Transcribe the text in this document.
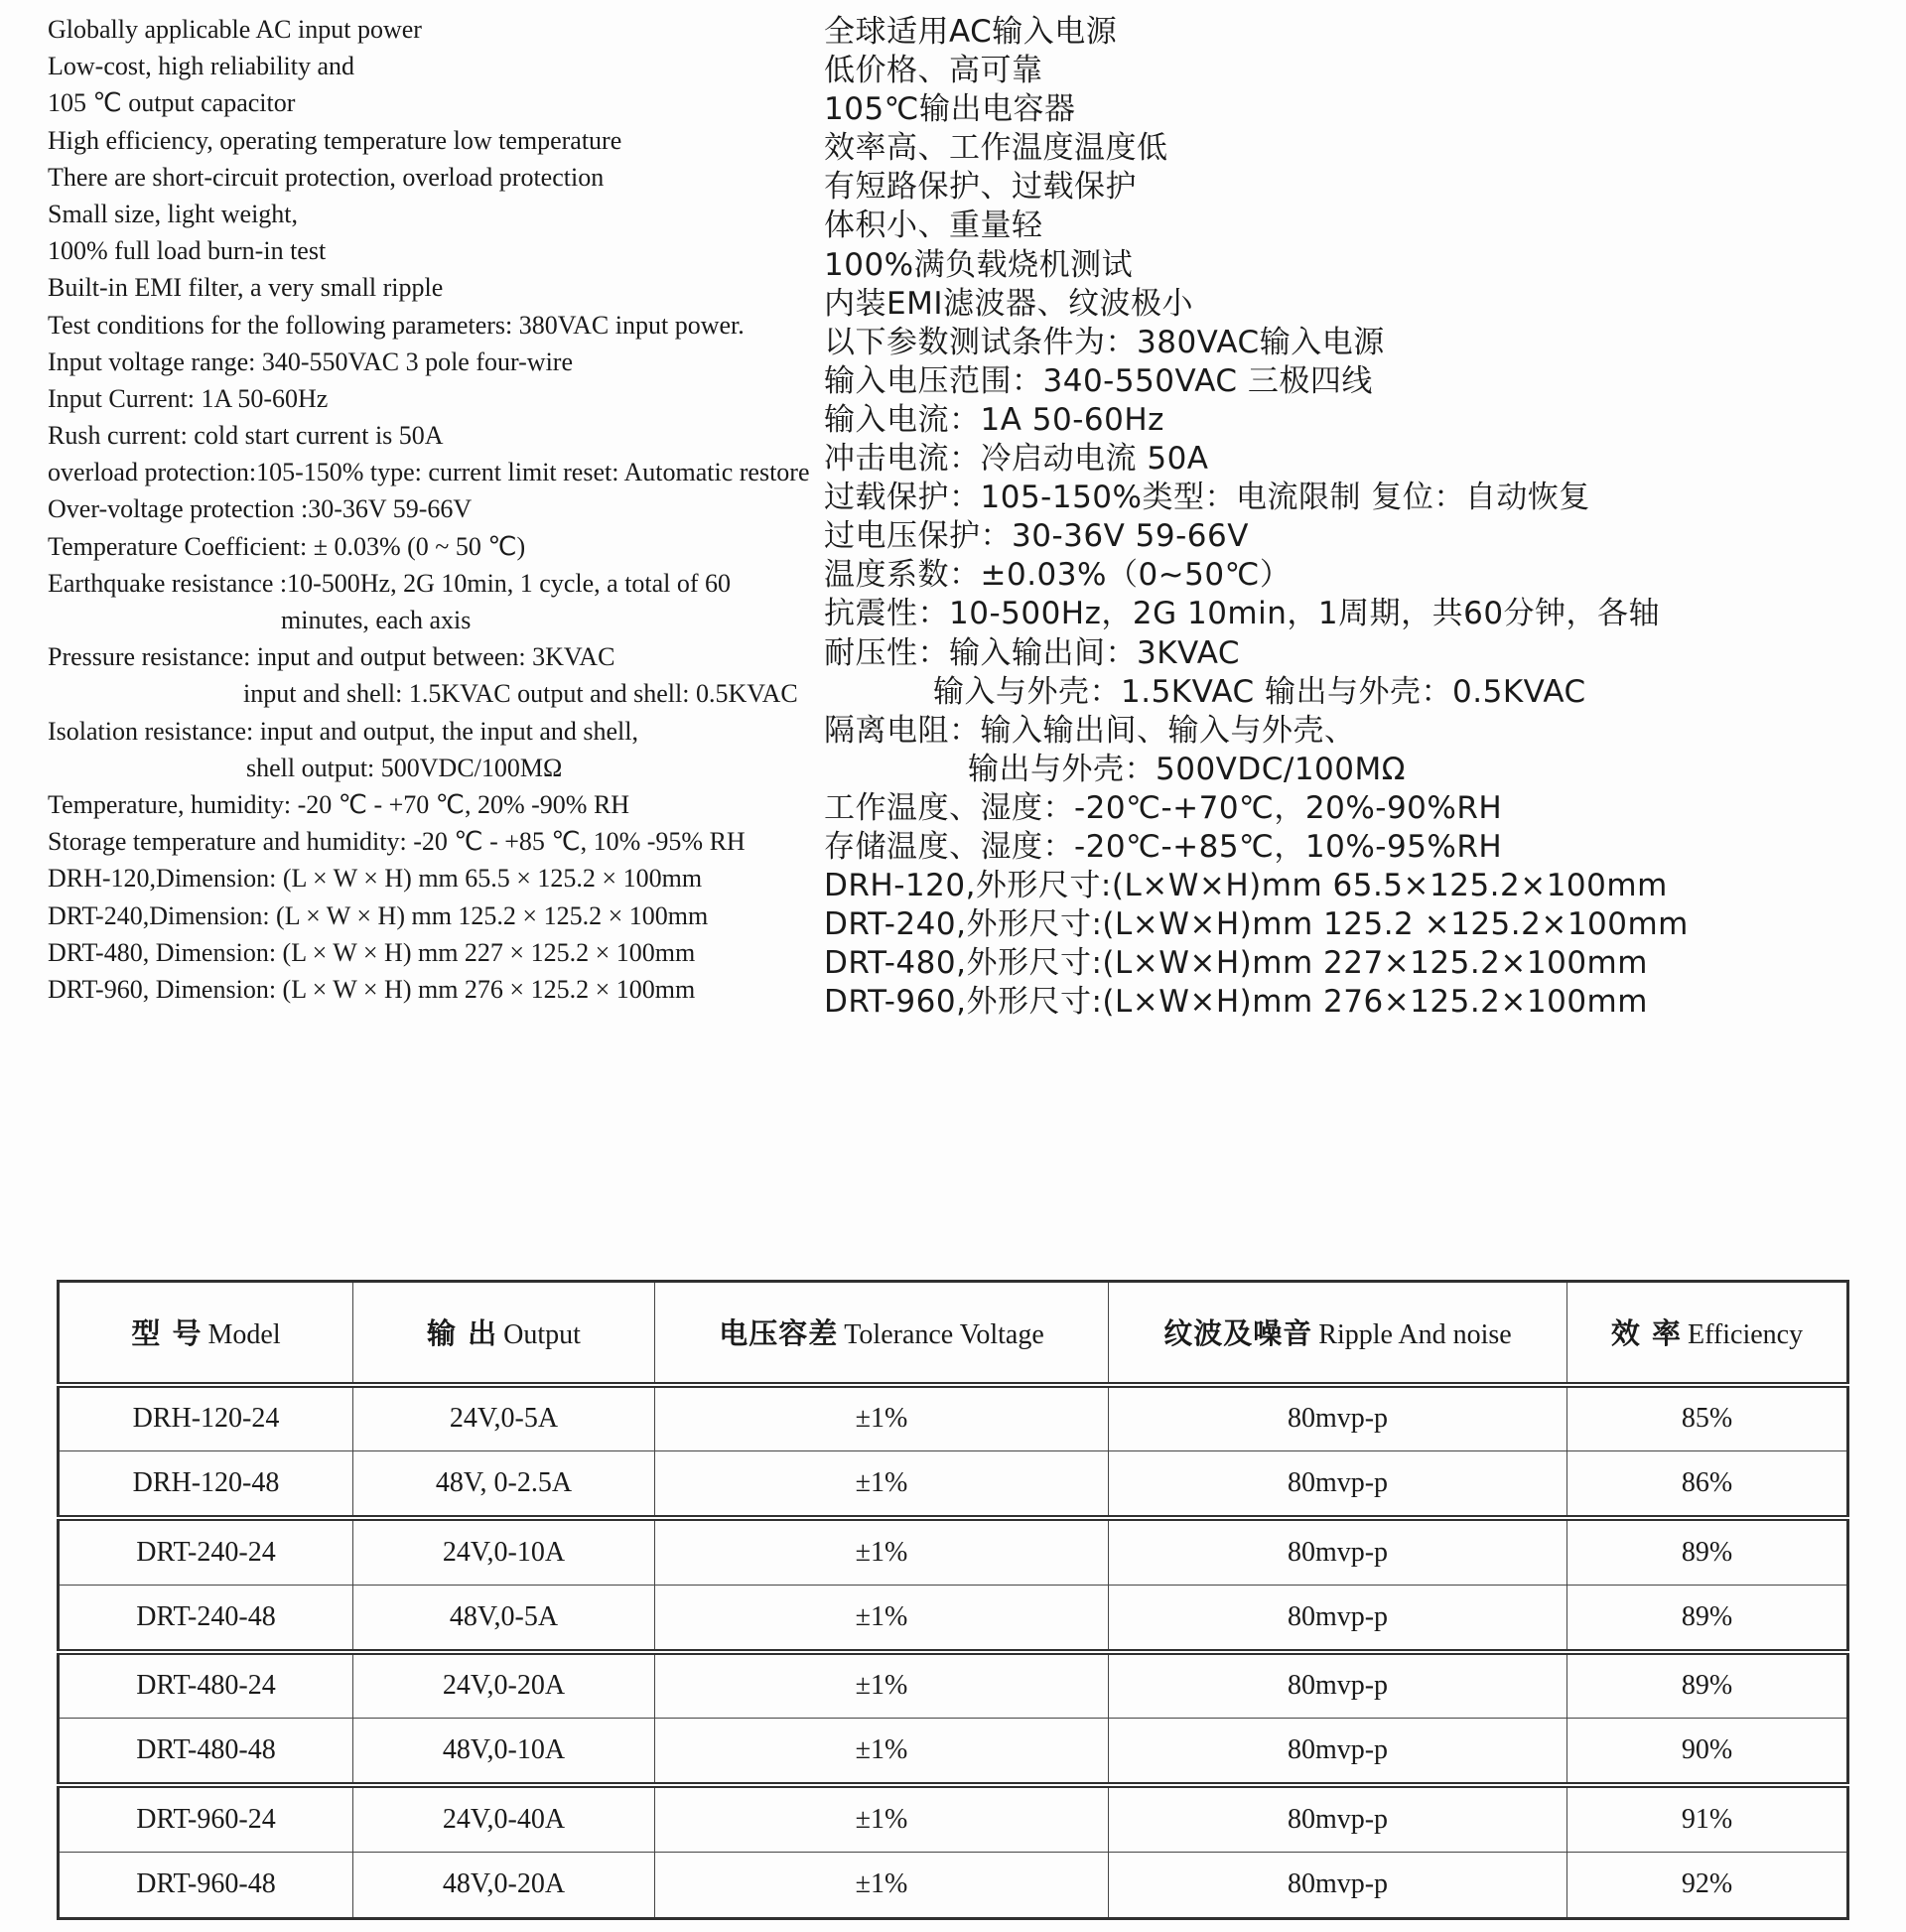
Globally applicable AC input power
Low-cost, high reliability and
105 ℃ output capacitor
High efficiency, operating temperature low temperature
There are short-circuit protection, overload protection
Small size, light weight,
100% full load burn-in test
Built-in EMI filter, a very small ripple
Test conditions for the following parameters: 380VAC input power.
Input voltage range: 340-550VAC 3 pole four-wire
Input Current: 1A 50-60Hz
Rush current: cold start current is 50A
overload protection:105-150% type: current limit reset: Automatic restore
Over-voltage protection :30-36V 59-66V
Temperature Coefficient: ± 0.03% (0 ~ 50 ℃)
Earthquake resistance :10-500Hz, 2G 10min, 1 cycle, a total of 60
minutes, each axis
Pressure resistance: input and output between: 3KVAC
input and shell: 1.5KVAC output and shell: 0.5KVAC
Isolation resistance: input and output, the input and shell,
shell output: 500VDC/100MΩ
Temperature, humidity: -20 ℃ - +70 ℃, 20% -90% RH
Storage temperature and humidity: -20 ℃ - +85 ℃, 10% -95% RH
DRH-120,Dimension: (L × W × H) mm 65.5 × 125.2 × 100mm
DRT-240,Dimension: (L × W × H) mm 125.2 × 125.2 × 100mm
DRT-480, Dimension: (L × W × H) mm 227 × 125.2 × 100mm
DRT-960, Dimension: (L × W × H) mm 276 × 125.2 × 100mm
全球适用AC输入电源
低价格、高可靠
105℃输出电容器
效率高、工作温度温度低
有短路保护、过载保护
体积小、重量轻
100%满负载烧机测试
内装EMI滤波器、纹波极小
以下参数测试条件为：380VAC输入电源
输入电压范围：340-550VAC 三极四线
输入电流：1A 50-60Hz
冲击电流：冷启动电流 50A
过载保护：105-150%类型：电流限制 复位：自动恢复
过电压保护：30-36V 59-66V
温度系数：±0.03%（0~50℃）
抗震性：10-500Hz，2G 10min，1周期，共60分钟，各轴
耐压性：输入输出间：3KVAC
输入与外壳：1.5KVAC 输出与外壳：0.5KVAC
隔离电阻：输入输出间、输入与外壳、
输出与外壳：500VDC/100MΩ
工作温度、湿度：-20℃-+70℃，20%-90%RH
存储温度、湿度：-20℃-+85℃，10%-95%RH
DRH-120,外形尺寸:(L×W×H)mm 65.5×125.2×100mm
DRT-240,外形尺寸:(L×W×H)mm 125.2 ×125.2×100mm
DRT-480,外形尺寸:(L×W×H)mm 227×125.2×100mm
DRT-960,外形尺寸:(L×W×H)mm 276×125.2×100mm
型 号 Model	输 出 Output	电压容差 Tolerance Voltage	纹波及噪音 Ripple And noise	效 率 Efficiency
DRH-120-24	24V,0-5A	±1%	80mvp-p	85%
DRH-120-48	48V, 0-2.5A	±1%	80mvp-p	86%
DRT-240-24	24V,0-10A	±1%	80mvp-p	89%
DRT-240-48	48V,0-5A	±1%	80mvp-p	89%
DRT-480-24	24V,0-20A	±1%	80mvp-p	89%
DRT-480-48	48V,0-10A	±1%	80mvp-p	90%
DRT-960-24	24V,0-40A	±1%	80mvp-p	91%
DRT-960-48	48V,0-20A	±1%	80mvp-p	92%
